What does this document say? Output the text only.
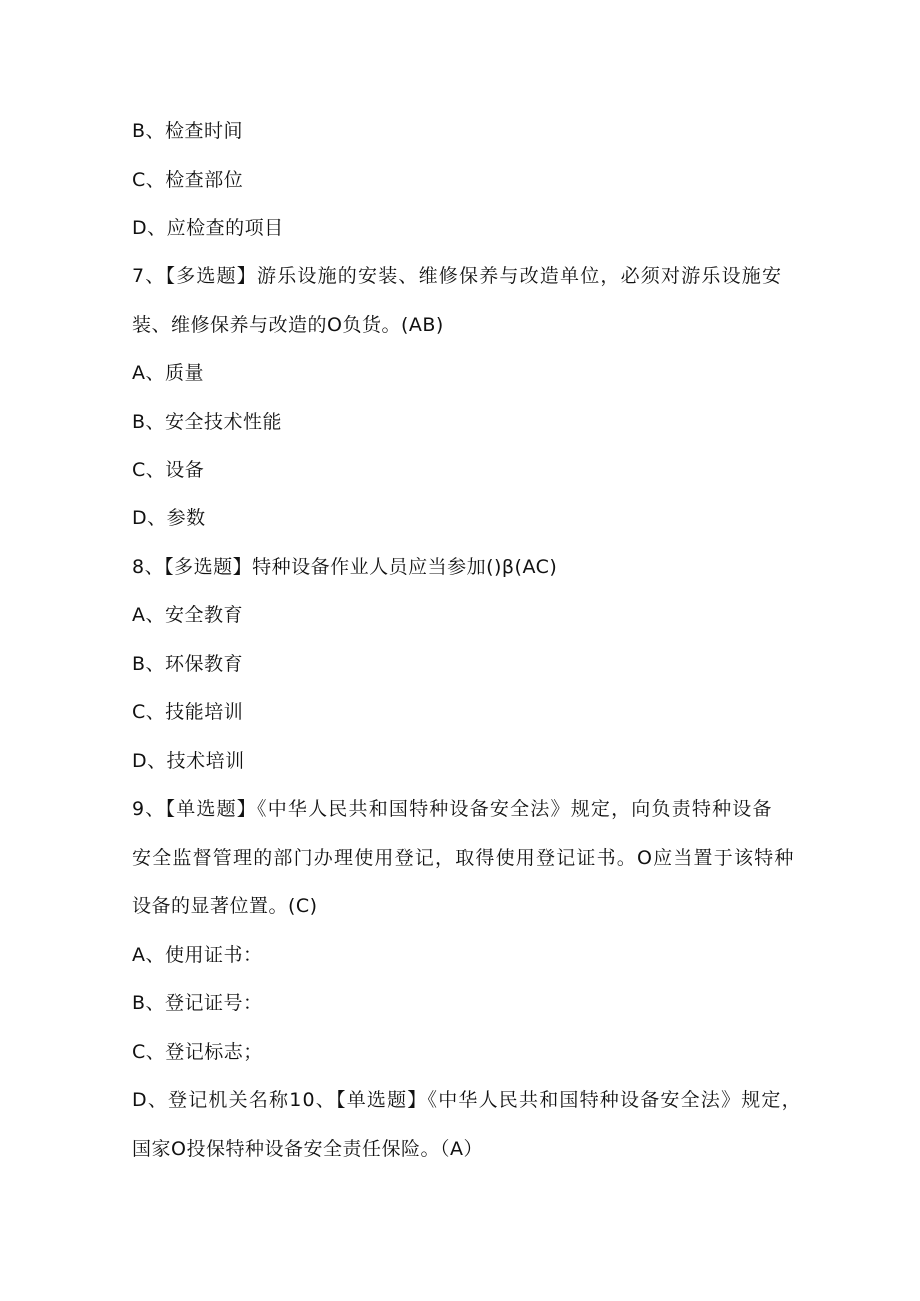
B、检查时间
C、检查部位
D、应检查的项目
7、【多选题】游乐设施的安装、维修保养与改造单位，必须对游乐设施安
装、维修保养与改造的O负货。(AB)
A、质量
B、安全技术性能
C、设备
D、参数
8、【多选题】特种设备作业人员应当参加()β(AC)
A、安全教育
B、环保教育
C、技能培训
D、技术培训
9、【单选题】《中华人民共和国特种设备安全法》规定，向负责特种设备
安全监督管理的部门办理使用登记，取得使用登记证书。O应当置于该特种
设备的显著位置。(C)
A、使用证书：
B、登记证号：
C、登记标志；
D、登记机关名称10、【单选题】《中华人民共和国特种设备安全法》规定，
国家O投保特种设备安全责任保险。（A）
